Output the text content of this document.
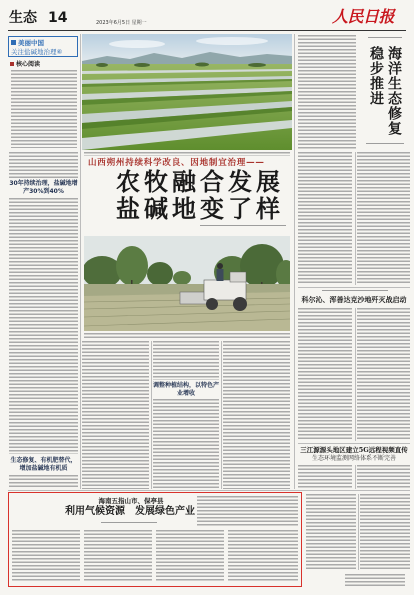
生态 14	2023年6月5日 星期一	人民日报
美丽中国
关注盐碱地治理⑥
核心阅读
30年持续治理，盐碱地增产30%到40%
生态修复、有机肥替代，增加盐碱地有机质
山西朔州持续科学改良、因地制宜治理——
农牧融合发展
盐碱地变了样
调整种植结构，以特色产业增收
海洋生态修复稳步推进
科尔沁、浑善达克沙地歼灭战启动
三江源源头地区建立5G远程视频直传
生态环境监测网络体系不断完善
海南五指山市、保亭县
利用气候资源　发展绿色产业
